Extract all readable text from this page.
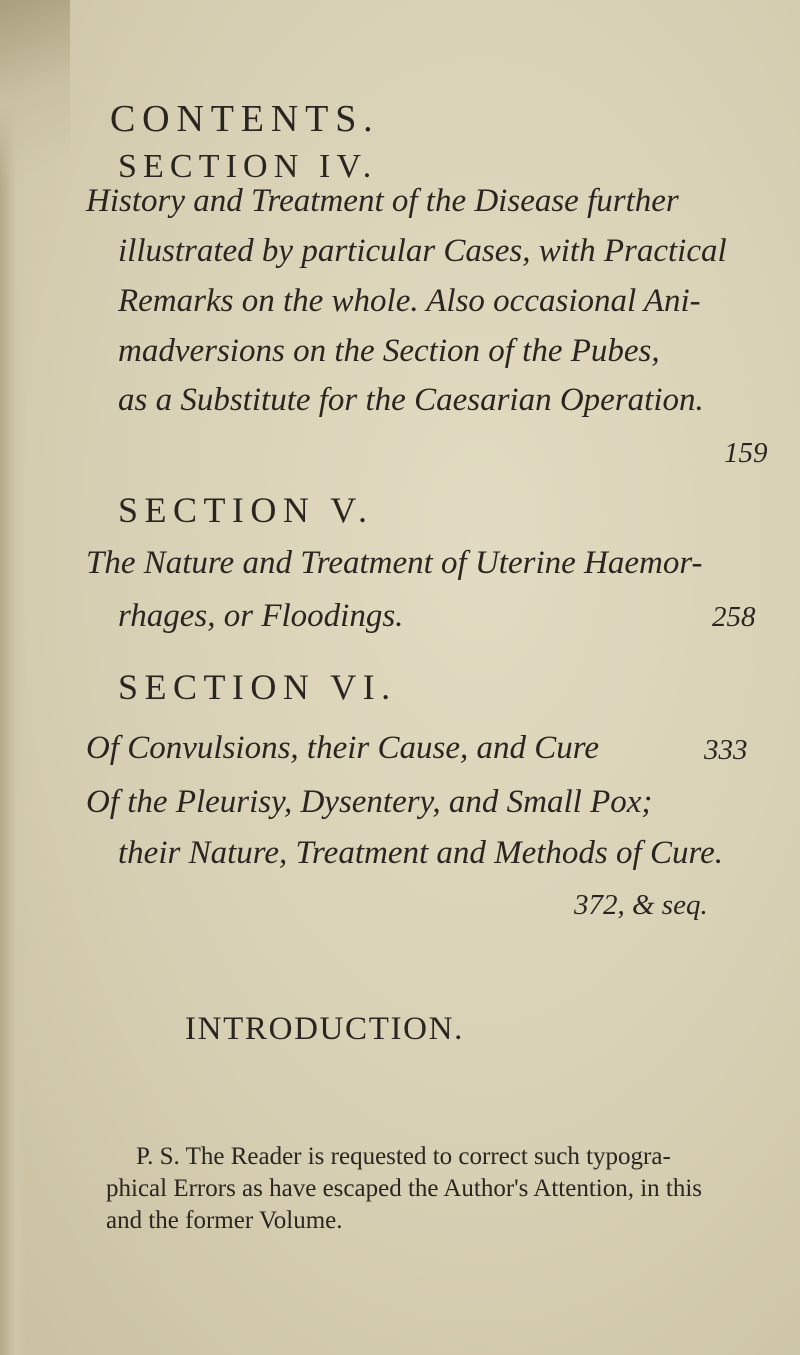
CONTENTS.
SECTION IV.
History and Treatment of the Disease further
illustrated by particular Cases, with Practical
Remarks on the whole. Also occasional Ani-
madversions on the Section of the Pubes,
as a Substitute for the Caesarian Operation.
159
SECTION V.
The Nature and Treatment of Uterine Haemor-
rhages, or Floodings.	258
SECTION VI.
Of Convulsions, their Cause, and Cure	333
Of the Pleurisy, Dysentery, and Small Pox;
their Nature, Treatment and Methods of Cure.
372, & seq.
INTRODUCTION.
P. S. The Reader is requested to correct such typogra-
phical Errors as have escaped the Author's Attention, in this
and the former Volume.
